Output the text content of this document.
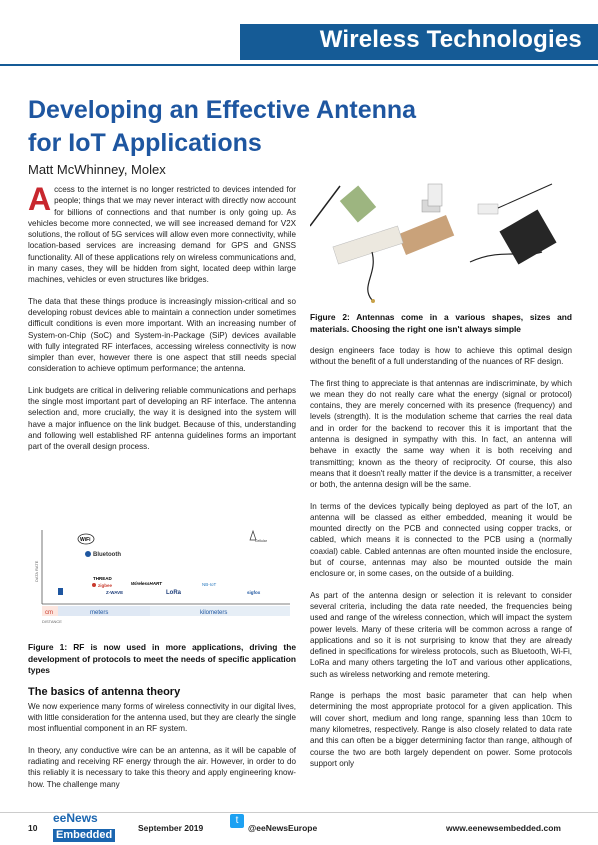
Wireless Technologies
Developing an Effective Antenna for IoT Applications
Matt McWhinney, Molex

Access to the internet is no longer restricted to devices intended for people; things that we may never interact with directly now account for billions of connections and that number is only going up. As vehicles become more connected, we will see increased demand for V2X solutions, the rollout of 5G services will allow even more connectivity, while location-based services are increasing demand for GPS and GNSS functionality. All of these applications rely on wireless communications and, in many cases, they will be hidden from sight, located deep within large machines, vehicles or even structures like bridges.

The data that these things produce is increasingly mission-critical and so developing robust devices able to maintain a connection under sometimes difficult conditions is even more important. With an increasing number of System-on-Chip (SoC) and System-in-Package (SiP) devices available with fully integrated RF interfaces, accessing wireless connectivity is now simpler than ever, however there is one aspect that still needs special consideration to achieve optimum performance; the antenna.

Link budgets are critical in delivering reliable communications and perhaps the single most important part of developing an RF interface. The antenna selection and, more crucially, the way it is designed into the system will have a major influence on the link budget. Because of this, understanding and following well established RF antenna guidelines forms an important part of the overall design process.

DATA RATE
cm	meters	kilometers
DISTANCE
WiFi
Bluetooth
THREAD
zigbee	WirelessHART
Z-WAVE	LoRa
NB-IoT
sigfox
Cellular

Figure 1: RF is now used in more applications, driving the development of protocols to meet the needs of specific application types

The basics of antenna theory

We now experience many forms of wireless connectivity in our digital lives, with little consideration for the antenna used, but they are clearly the single most influential component in an RF system.

In theory, any conductive wire can be an antenna, as it will be capable of radiating and receiving RF energy through the air. However, in order to do this reliably it is necessary to take this theory and apply engineering know-how. The challenge many

Figure 2: Antennas come in a various shapes, sizes and materials. Choosing the right one isn't always simple

design engineers face today is how to achieve this optimal design without the benefit of a full understanding of the nuances of RF design.

The first thing to appreciate is that antennas are indiscriminate, by which we mean they do not really care what the energy (signal or protocol) contains, they are merely concerned with its presence (frequency) and levels (strength). It is the modulation scheme that carries the real data and in order for the backend to recover this it is important that the antenna is designed in sympathy with this. In fact, an antenna will behave in exactly the same way when it is both receiving and transmitting; known as the theory of reciprocity. Of course, this also means that it doesn't really matter if the device is a transmitter, a receiver or both, the antenna design will be the same.

In terms of the devices typically being deployed as part of the IoT, an antenna will be classed as either embedded, meaning it would be mounted directly on the PCB and connected using copper tracks, or cabled, which means it is connected to the PCB using a (normally coaxial) cable. Cabled antennas are often mounted inside the enclosure, but of course, antennas may also be mounted outside the main enclosure or, in some cases, on the outside of a building.

As part of the antenna design or selection it is relevant to consider several criteria, including the data rate needed, the frequencies being used and range of the wireless connection, which will impact the system power levels. Many of these criteria will be common across a range of applications and so it is not surprising to know that they are already defined in specifications for wireless protocols, such as Bluetooth, Wi-Fi, LoRa and many others targeting the IoT and various other applications, such as wireless networking and remote metering.

Range is perhaps the most basic parameter that can help when determining the most appropriate protocol for a given application. This will cover short, medium and long range, spanning less than 10cm to many kilometres, respectively. Range is also closely related to data rate and this can often be a bigger determining factor than range, although of course the two are both largely dependent on power. Some protocols support only

10
eeNews
Embedded
September 2019
t
@eeNewsEurope	www.eenewsembedded.com
